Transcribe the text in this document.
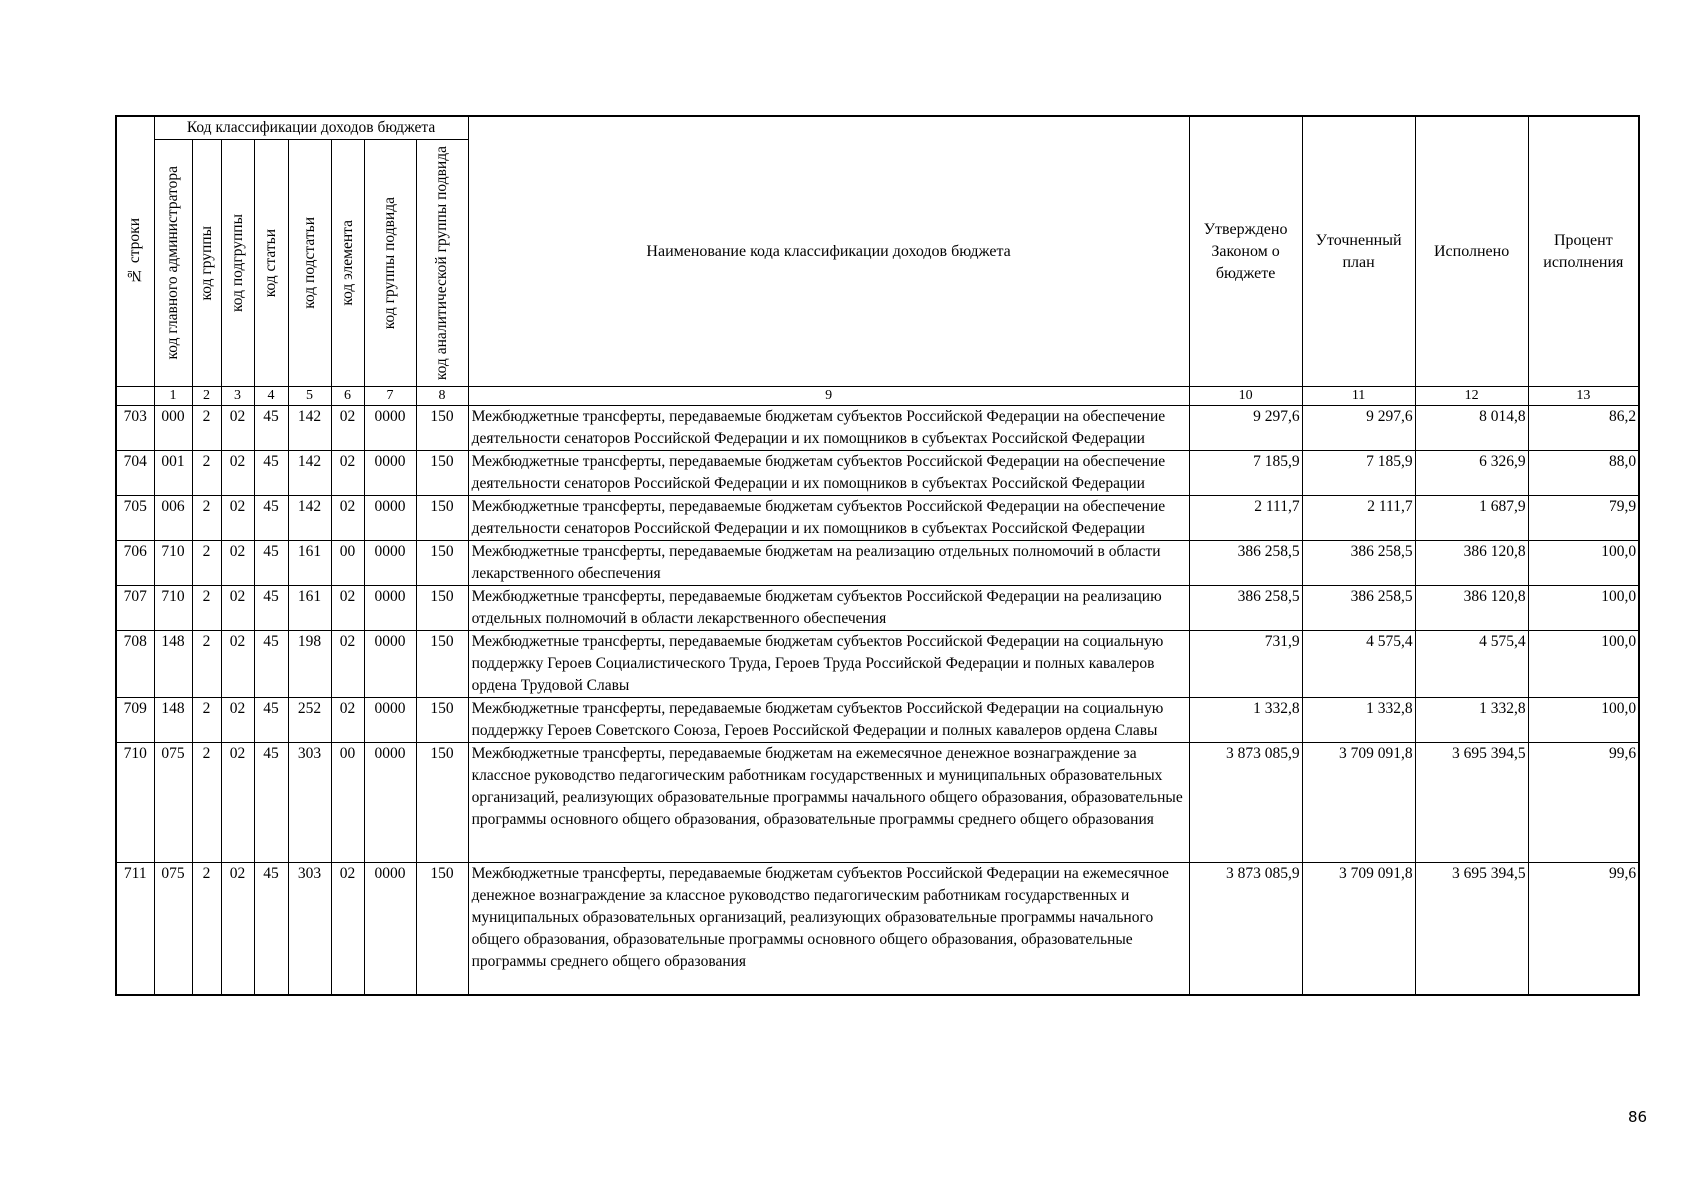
№ строки	Код классификации доходов бюджета								Наименование кода классификации доходов бюджета	Утверждено Законом о бюджете	Уточненный план	Исполнено	Процент исполнения

	код главного администратора	код группы	код подгруппы	код статьи	код подстатьи	код элемента	код группы подвида	код аналитической группы подвида					

	1	2	3	4	5	6	7	8	9	10	11	12	13
703	000	2	02	45	142	02	0000	150	Межбюджетные трансферты, передаваемые бюджетам субъектов Российской Федерации на обеспечение деятельности сенаторов Российской Федерации и их помощников в субъектах Российской Федерации	9 297,6	9 297,6	8 014,8	86,2
704	001	2	02	45	142	02	0000	150	Межбюджетные трансферты, передаваемые бюджетам субъектов Российской Федерации на обеспечение деятельности сенаторов Российской Федерации и их помощников в субъектах Российской Федерации	7 185,9	7 185,9	6 326,9	88,0
705	006	2	02	45	142	02	0000	150	Межбюджетные трансферты, передаваемые бюджетам субъектов Российской Федерации на обеспечение деятельности сенаторов Российской Федерации и их помощников в субъектах Российской Федерации	2 111,7	2 111,7	1 687,9	79,9
706	710	2	02	45	161	00	0000	150	Межбюджетные трансферты, передаваемые бюджетам на реализацию отдельных полномочий в области лекарственного обеспечения	386 258,5	386 258,5	386 120,8	100,0
707	710	2	02	45	161	02	0000	150	Межбюджетные трансферты, передаваемые бюджетам субъектов Российской Федерации на реализацию отдельных полномочий в области лекарственного обеспечения	386 258,5	386 258,5	386 120,8	100,0
708	148	2	02	45	198	02	0000	150	Межбюджетные трансферты, передаваемые бюджетам субъектов Российской Федерации на социальную поддержку Героев Социалистического Труда, Героев Труда Российской Федерации и полных кавалеров ордена Трудовой Славы	731,9	4 575,4	4 575,4	100,0
709	148	2	02	45	252	02	0000	150	Межбюджетные трансферты, передаваемые бюджетам субъектов Российской Федерации на социальную поддержку Героев Советского Союза, Героев Российской Федерации и полных кавалеров ордена Славы	1 332,8	1 332,8	1 332,8	100,0
710	075	2	02	45	303	00	0000	150	Межбюджетные трансферты, передаваемые бюджетам на ежемесячное денежное вознаграждение за классное руководство педагогическим работникам государственных и муниципальных образовательных организаций, реализующих образовательные программы начального общего образования, образовательные программы основного общего образования, образовательные программы среднего общего образования	3 873 085,9	3 709 091,8	3 695 394,5	99,6
711	075	2	02	45	303	02	0000	150	Межбюджетные трансферты, передаваемые бюджетам субъектов Российской Федерации на ежемесячное денежное вознаграждение за классное руководство педагогическим работникам государственных и муниципальных образовательных организаций, реализующих образовательные программы начального общего образования, образовательные программы основного общего образования, образовательные программы среднего общего образования	3 873 085,9	3 709 091,8	3 695 394,5	99,6
86
